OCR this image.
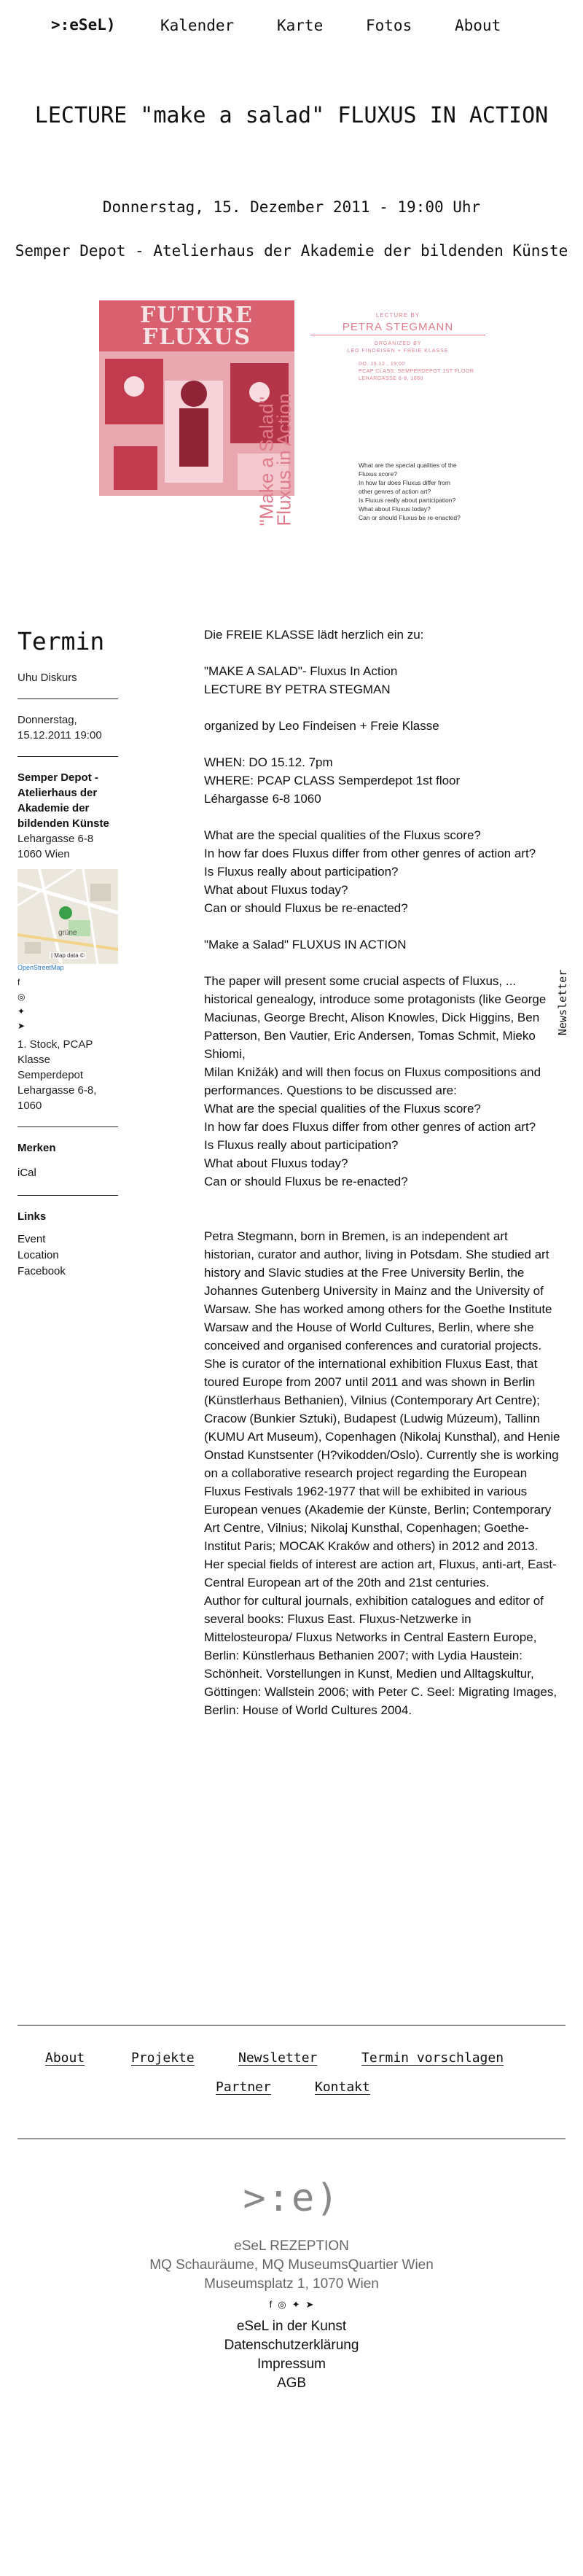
>:eSeL)	Kalender	Karte	Fotos	About
LECTURE "make a salad" FLUXUS IN ACTION
Donnerstag, 15. Dezember 2011 - 19:00 Uhr
Semper Depot - Atelierhaus der Akademie der bildenden Künste
FUTURE FLUXUS
LECTURE BY
PETRA STEGMANN
ORGANIZED BY
LEO FINDEISEN + FREIE KLASSE
"Make a Salad"
Fluxus in Action
DO. 15.12., 19:00
PCAP CLASS, SEMPERDEPOT 1ST FLOOR
LEHARGASSE 6-8, 1060
What are the special qualities of the
Fluxus score?
In how far does Fluxus differ from
other genres of action art?
Is Fluxus really about participation?
What about Fluxus today?
Can or should Fluxus be re-enacted?
Termin
Uhu Diskurs
Donnerstag,
15.12.2011 19:00
Semper Depot -
Atelierhaus der
Akademie der
bildenden Künste
Lehargasse 6-8
1060 Wien
grüne
| Map data ©
OpenStreetMap
f
◎
✦
➤
1. Stock, PCAP
Klasse
Semperdepot
Lehargasse 6-8,
1060
Merken
iCal
Links
Event
Location
Facebook

Die FREIE KLASSE lädt herzlich ein zu:

"MAKE A SALAD"- Fluxus In Action
LECTURE BY PETRA STEGMAN

organized by Leo Findeisen + Freie Klasse

WHEN: DO 15.12. 7pm
WHERE: PCAP CLASS Semperdepot 1st floor
Léhargasse 6-8 1060

What are the special qualities of the Fluxus score?
In how far does Fluxus differ from other genres of action art?
Is Fluxus really about participation?
What about Fluxus today?
Can or should Fluxus be re-enacted?

"Make a Salad" FLUXUS IN ACTION

The paper will present some crucial aspects of Fluxus, ... historical genealogy, introduce some protagonists (like George
Maciunas, George Brecht, Alison Knowles, Dick Higgins, Ben
Patterson, Ben Vautier, Eric Andersen, Tomas Schmit, Mieko Shiomi,
Milan Knižák) and will then focus on Fluxus compositions and
performances. Questions to be discussed are:
What are the special qualities of the Fluxus score?
In how far does Fluxus differ from other genres of action art?
Is Fluxus really about participation?
What about Fluxus today?
Can or should Fluxus be re-enacted?

Petra Stegmann, born in Bremen, is an independent art historian, curator and author, living in Potsdam. She studied art history and Slavic studies at the Free University Berlin, the Johannes Gutenberg University in Mainz and the University of Warsaw. She has worked among others for the Goethe Institute Warsaw and the House of World Cultures, Berlin, where she conceived and organised conferences and curatorial projects. She is curator of the international exhibition Fluxus East, that toured Europe from 2007 until 2011 and was shown in Berlin (Künstlerhaus Bethanien), Vilnius (Contemporary Art Centre); Cracow (Bunkier Sztuki), Budapest (Ludwig Múzeum), Tallinn (KUMU Art Museum), Copenhagen (Nikolaj Kunsthal), and Henie Onstad Kunstsenter (H?vikodden/Oslo). Currently she is working on a collaborative research project regarding the European Fluxus Festivals 1962-1977 that will be exhibited in various European venues (Akademie der Künste, Berlin; Contemporary Art Centre, Vilnius; Nikolaj Kunsthal, Copenhagen; Goethe-Institut Paris; MOCAK Kraków and others) in 2012 and 2013. Her special fields of interest are action art, Fluxus, anti-art, East-Central European art of the 20th and 21st centuries.
Author for cultural journals, exhibition catalogues and editor of several books: Fluxus East. Fluxus-Netzwerke in Mittelosteuropa/ Fluxus Networks in Central Eastern Europe, Berlin: Künstlerhaus Bethanien 2007; with Lydia Haustein: Schönheit. Vorstellungen in Kunst, Medien und Alltagskultur, Göttingen: Wallstein 2006; with Peter C. Seel: Migrating Images, Berlin: House of World Cultures 2004.
Newsletter
About	Projekte	Newsletter	Termin vorschlagen
Partner	Kontakt
>:e)
eSeL REZEPTION
MQ Schauräume, MQ MuseumsQuartier Wien
Museumsplatz 1, 1070 Wien
f ◎ ✦ ➤
eSeL in der Kunst
Datenschutzerklärung
Impressum
AGB
